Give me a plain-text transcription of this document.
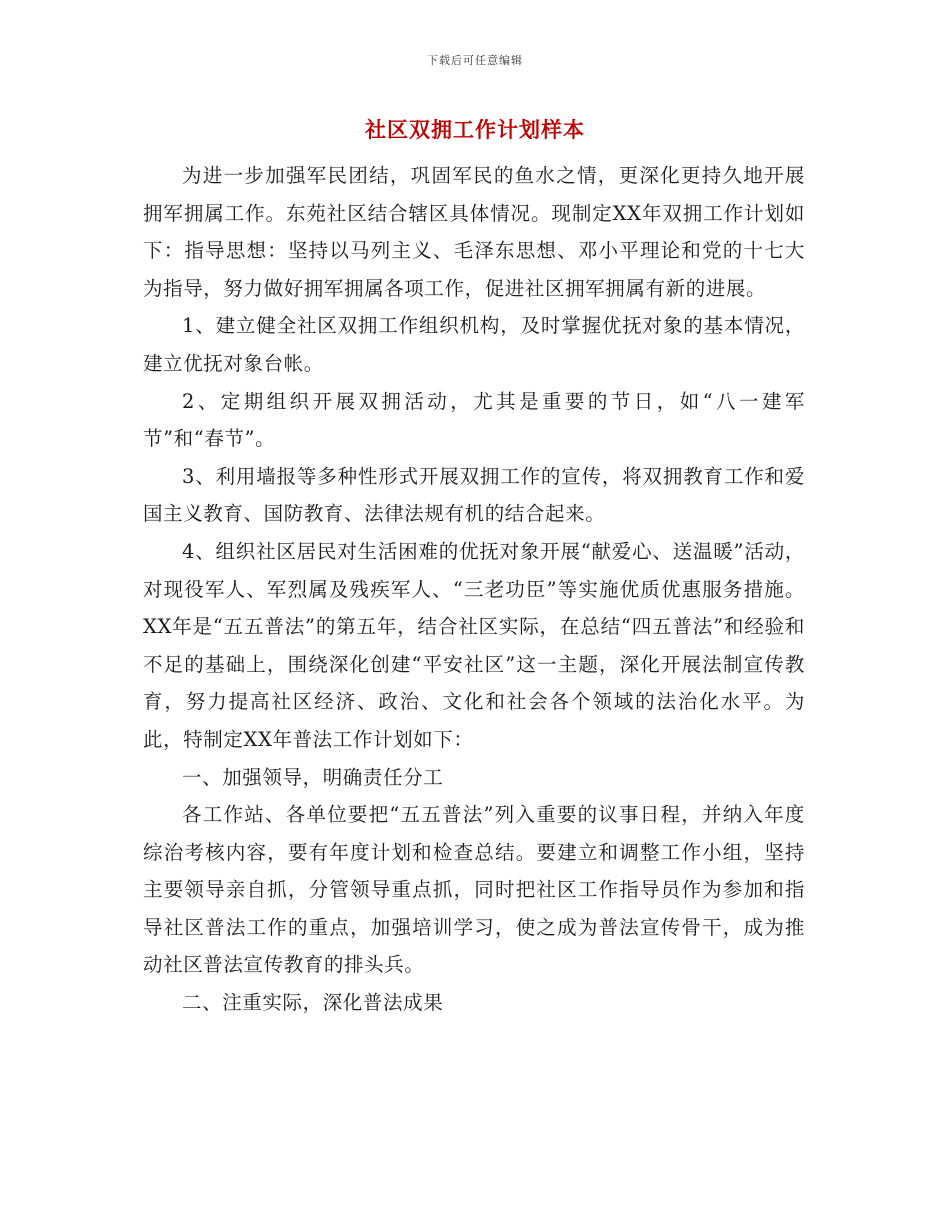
下载后可任意编辑
社区双拥工作计划样本

为进一步加强军民团结，巩固军民的鱼水之情，更深化更持久地开展拥军拥属工作。东苑社区结合辖区具体情况。现制定XX年双拥工作计划如下：指导思想：坚持以马列主义、毛泽东思想、邓小平理论和党的十七大为指导，努力做好拥军拥属各项工作，促进社区拥军拥属有新的进展。

1、建立健全社区双拥工作组织机构，及时掌握优抚对象的基本情况，建立优抚对象台帐。

2、定期组织开展双拥活动，尤其是重要的节日，如“八一建军节”和“春节”。

3、利用墙报等多种性形式开展双拥工作的宣传，将双拥教育工作和爱国主义教育、国防教育、法律法规有机的结合起来。

4、组织社区居民对生活困难的优抚对象开展“献爱心、送温暖”活动，对现役军人、军烈属及残疾军人、“三老功臣”等实施优质优惠服务措施。XX年是“五五普法”的第五年，结合社区实际，在总结“四五普法”和经验和不足的基础上，围绕深化创建“平安社区”这一主题，深化开展法制宣传教育，努力提高社区经济、政治、文化和社会各个领域的法治化水平。为此，特制定XX年普法工作计划如下：

一、加强领导，明确责任分工

各工作站、各单位要把“五五普法”列入重要的议事日程，并纳入年度综治考核内容，要有年度计划和检查总结。要建立和调整工作小组，坚持主要领导亲自抓，分管领导重点抓，同时把社区工作指导员作为参加和指导社区普法工作的重点，加强培训学习，使之成为普法宣传骨干，成为推动社区普法宣传教育的排头兵。

二、注重实际，深化普法成果
